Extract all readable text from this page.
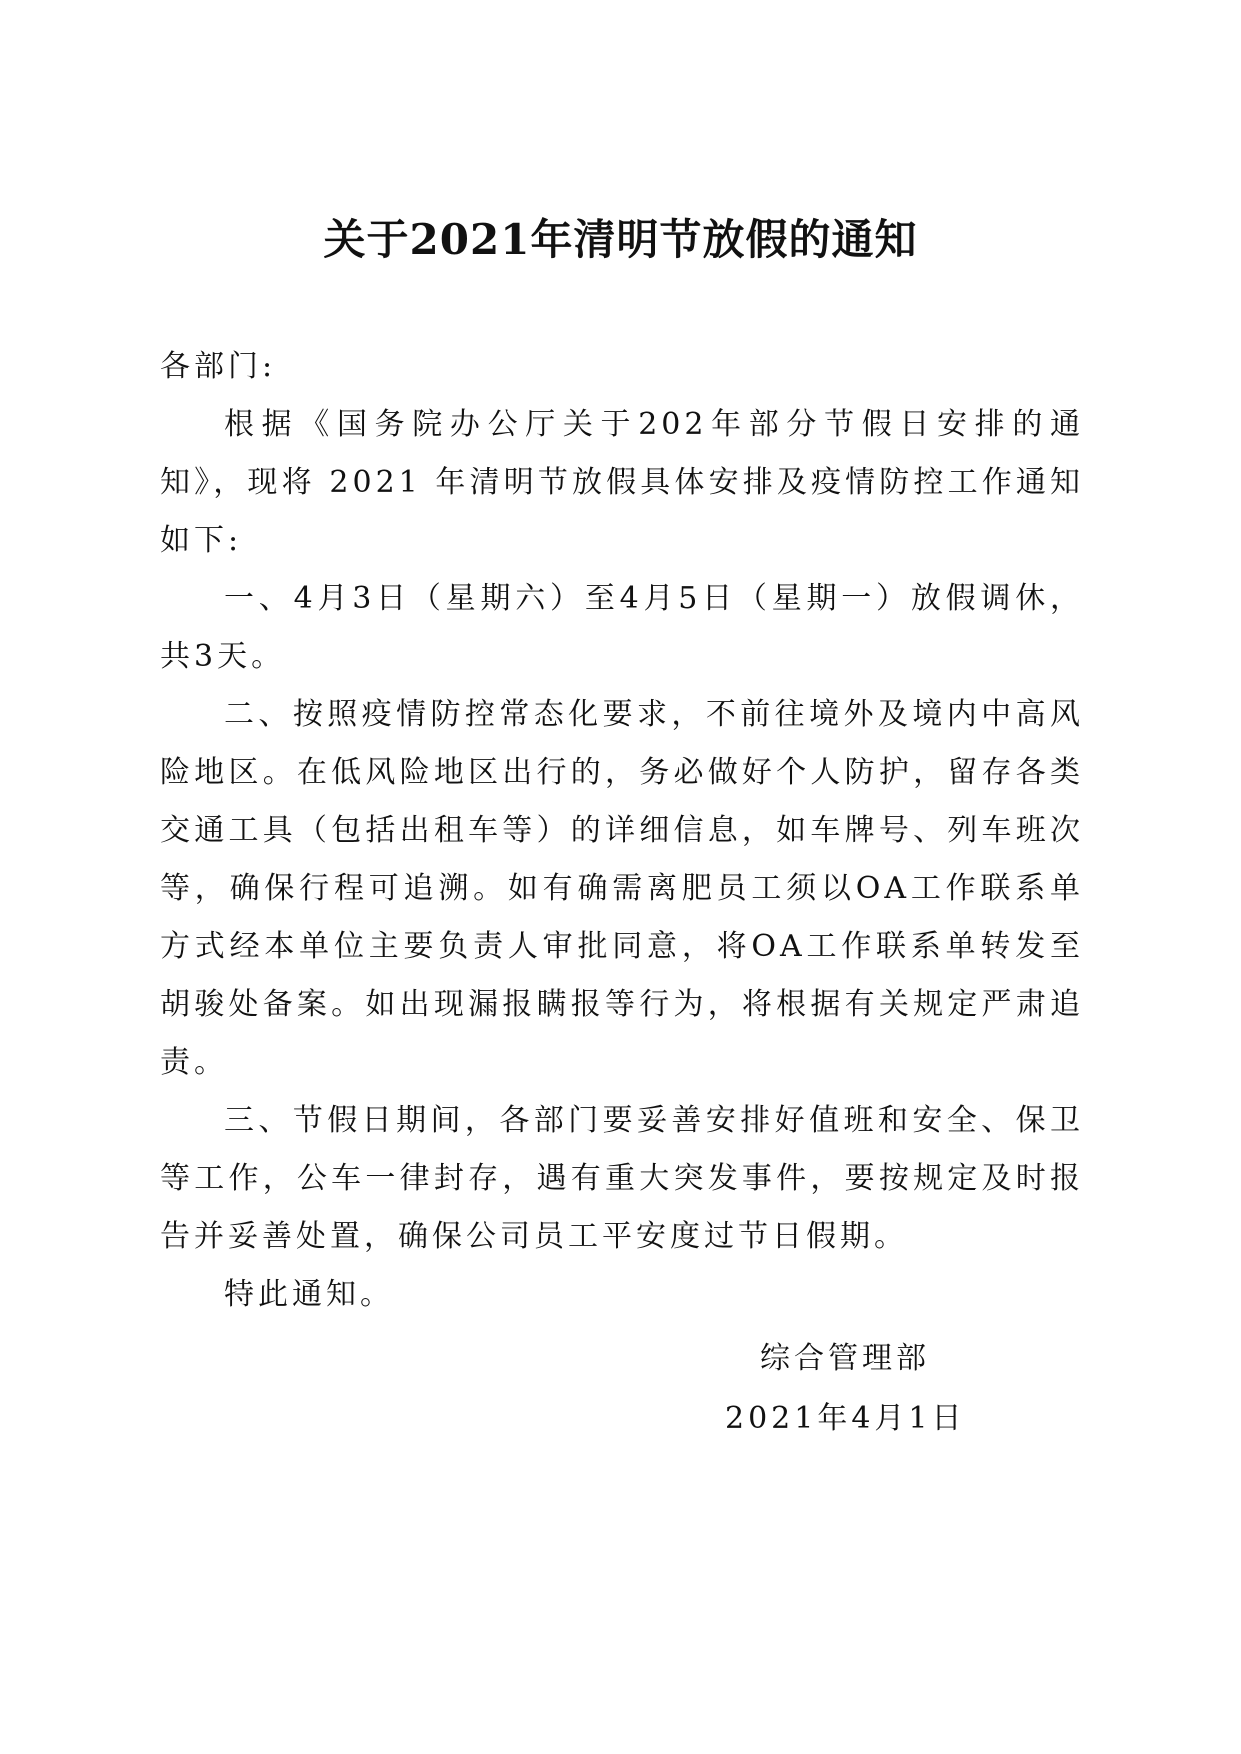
关于2021年清明节放假的通知

各部门:

根据《国务院办公厅关于202年部分节假日安排的通知》，现将 2021 年清明节放假具体安排及疫情防控工作通知如下:

一、4月3日（星期六）至4月5日（星期一）放假调休，共3天。

二、按照疫情防控常态化要求，不前往境外及境内中高风险地区。在低风险地区出行的，务必做好个人防护，留存各类交通工具（包括出租车等）的详细信息，如车牌号、列车班次等，确保行程可追溯。如有确需离肥员工须以OA工作联系单方式经本单位主要负责人审批同意，将OA工作联系单转发至胡骏处备案。如出现漏报瞒报等行为，将根据有关规定严肃追责。

三、节假日期间，各部门要妥善安排好值班和安全、保卫等工作，公车一律封存，遇有重大突发事件，要按规定及时报告并妥善处置，确保公司员工平安度过节日假期。

特此通知。

综合管理部
2021年4月1日
